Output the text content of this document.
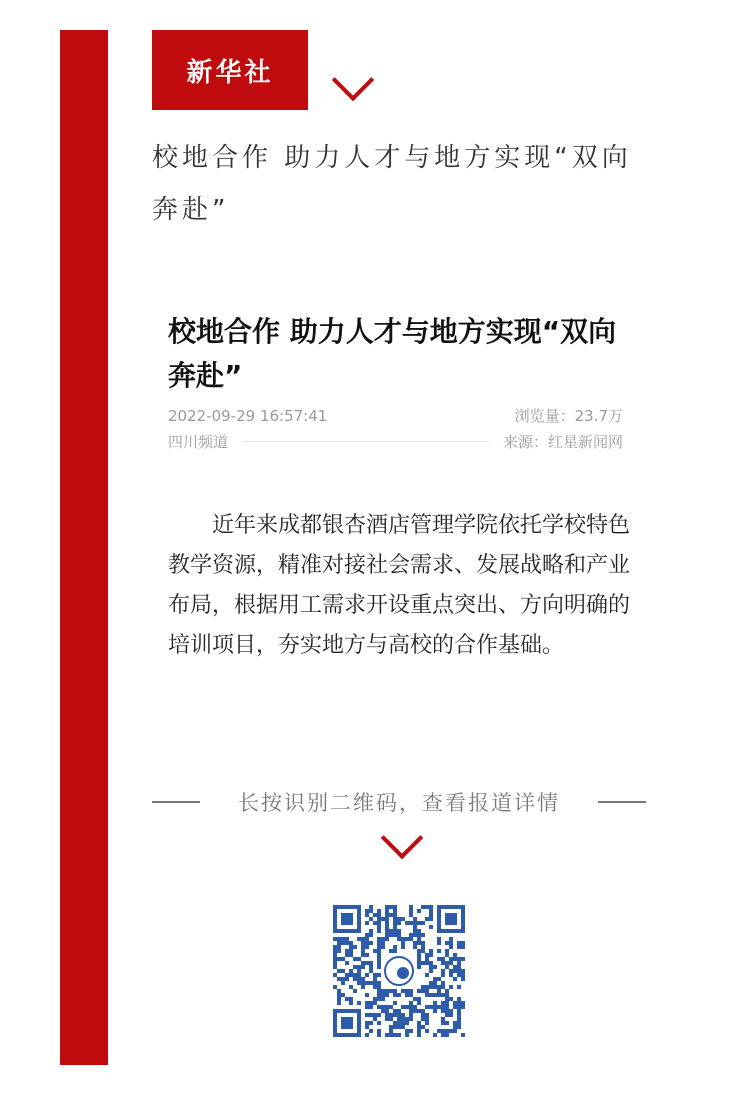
新华社
校地合作 助力人才与地方实现“双向奔赴”
校地合作 助力人才与地方实现“双向奔赴”
2022-09-29 16:57:41	浏览量：23.7万
四川频道	来源：红星新闻网
近年来成都银杏酒店管理学院依托学校特色教学资源，精准对接社会需求、发展战略和产业布局，根据用工需求开设重点突出、方向明确的培训项目，夯实地方与高校的合作基础。
长按识别二维码，查看报道详情
